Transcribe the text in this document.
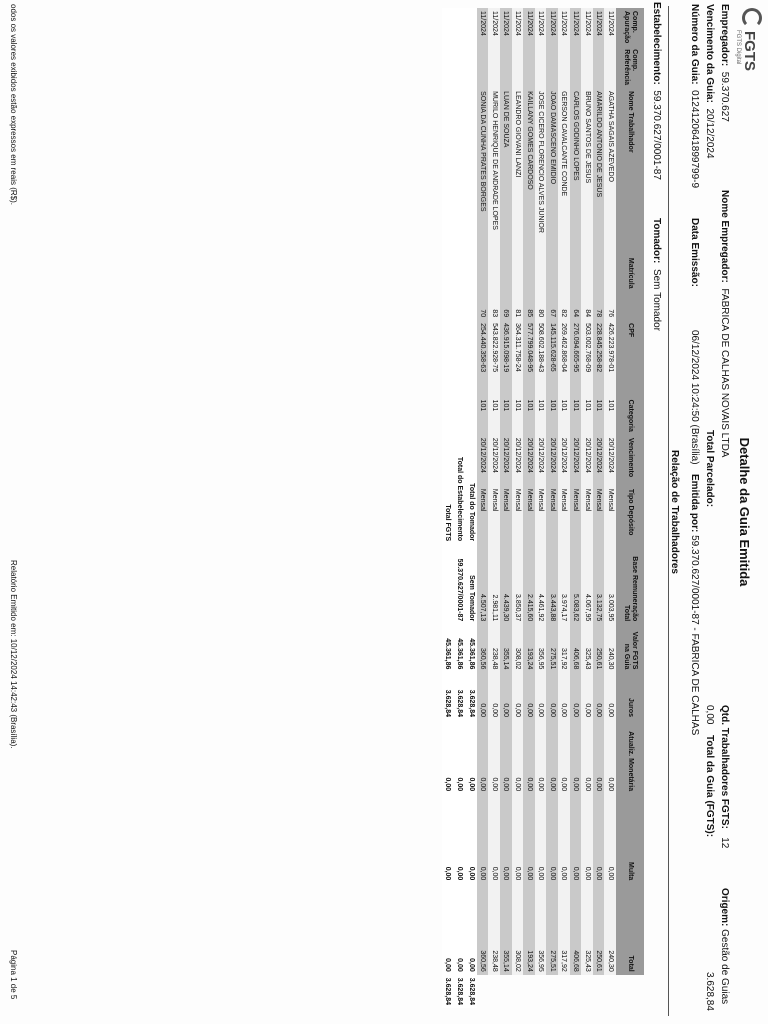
FGTS
FGTS Digital
Detalhe da Guia Emitida
Empregador:  59.370.627
Nome Empregador:  FABRICA DE CALHAS NOVAIS LTDA
Qtd. Trabalhadores FGTS:   12
Origem: Gestão de Guias
Vencimento da Guia:  20/12/2024
Total Parcelado:
0,00
Total da Guia (FGTS):
3.628,84
Número da Guia:  0124120641899799-9
Data Emissão:
06/12/2024 10:24:50 (Brasília)
Emitida por: 59.370.627/0001-87 - FABRICA DE CALHAS
Relação de Trabalhadores
Estabelecimento:  59.370.627/0001-87
Tomador:  Sem Tomador
Comp. Apuração	Comp. Referência	Nome Trabalhador	Matrícula	CPF	Categoria	Vencimento	Tipo Depósito	Base Remuneração Total	Valor FGTS na Guia	Juros	Atualiz. Monetária	Multa	Total	
11/2024		AGATHA SAGAIS AZEVEDO	76	426.223.978-01	101	20/12/2024	Mensal	3.003,95	240,30	0,00	0,00	0,00	240,30	
11/2024		AMARILDO ANTONIO DE JESUS	78	228.845.258-82	101	20/12/2024	Mensal	3.132,75	250,61	0,00	0,00	0,00	250,61	
11/2024		BRUNO SANTOS DE JESUS	84	503.002.768-09	101	20/12/2024	Mensal	4.067,95	325,43	0,00	0,00	0,00	325,43	
11/2024		CARLOS GODINHO LOPES	64	276.094.665-95	101	20/12/2024	Mensal	5.083,62	406,68	0,00	0,00	0,00	406,68	
11/2024		GERSON CAVALCANTE CONDE	82	269.462.868-04	101	20/12/2024	Mensal	3.974,17	317,92	0,00	0,00	0,00	317,92	
11/2024		JOAO DAMASCENO EMIDIO	67	145.115.628-65	101	20/12/2024	Mensal	3.443,88	275,51	0,00	0,00	0,00	275,51	
11/2024		JOSE CICERO FLORENCIO ALVES JUNIOR	80	508.602.188-43	101	20/12/2024	Mensal	4.461,92	356,95	0,00	0,00	0,00	356,95	
11/2024		KAILLANY GOMES CARDOSO	85	577.799.048-95	101	20/12/2024	Mensal	2.415,60	193,24	0,00	0,00	0,00	193,24	
11/2024		LEANDRO GIOVANI LANZI	81	364.311.758-24	101	20/12/2024	Mensal	3.850,37	308,02	0,00	0,00	0,00	308,02	
11/2024		LUAN DE SOUZA	69	436.915.098-19	101	20/12/2024	Mensal	4.439,30	355,14	0,00	0,00	0,00	355,14	
11/2024		MURILO HENRIQUE DE ANDRADE LOPES	83	543.822.928-75	101	20/12/2024	Mensal	2.981,11	238,48	0,00	0,00	0,00	238,48	
11/2024		SONIA DA CUNHA PRATES BORGES	70	254.440.358-63	101	20/12/2024	Mensal	4.507,13	360,56	0,00	0,00	0,00	360,56	
						Total do Tomador		Sem Tomador	45.361,86	3.628,84	0,00	0,00	0,00	3.628,84
					Total do Estabelecimento			59.370.627/0001-87	45.361,86	3.628,84	0,00	0,00	0,00	3.628,84
					Total FGTS				45.361,86	3.628,84	0,00	0,00	0,00	3.628,84
odos os valores exibidos estão expressos em reais (R$).
Relatório Emitido em: 10/12/2024 14:42:43 (Brasília).
Página 1 de 5
